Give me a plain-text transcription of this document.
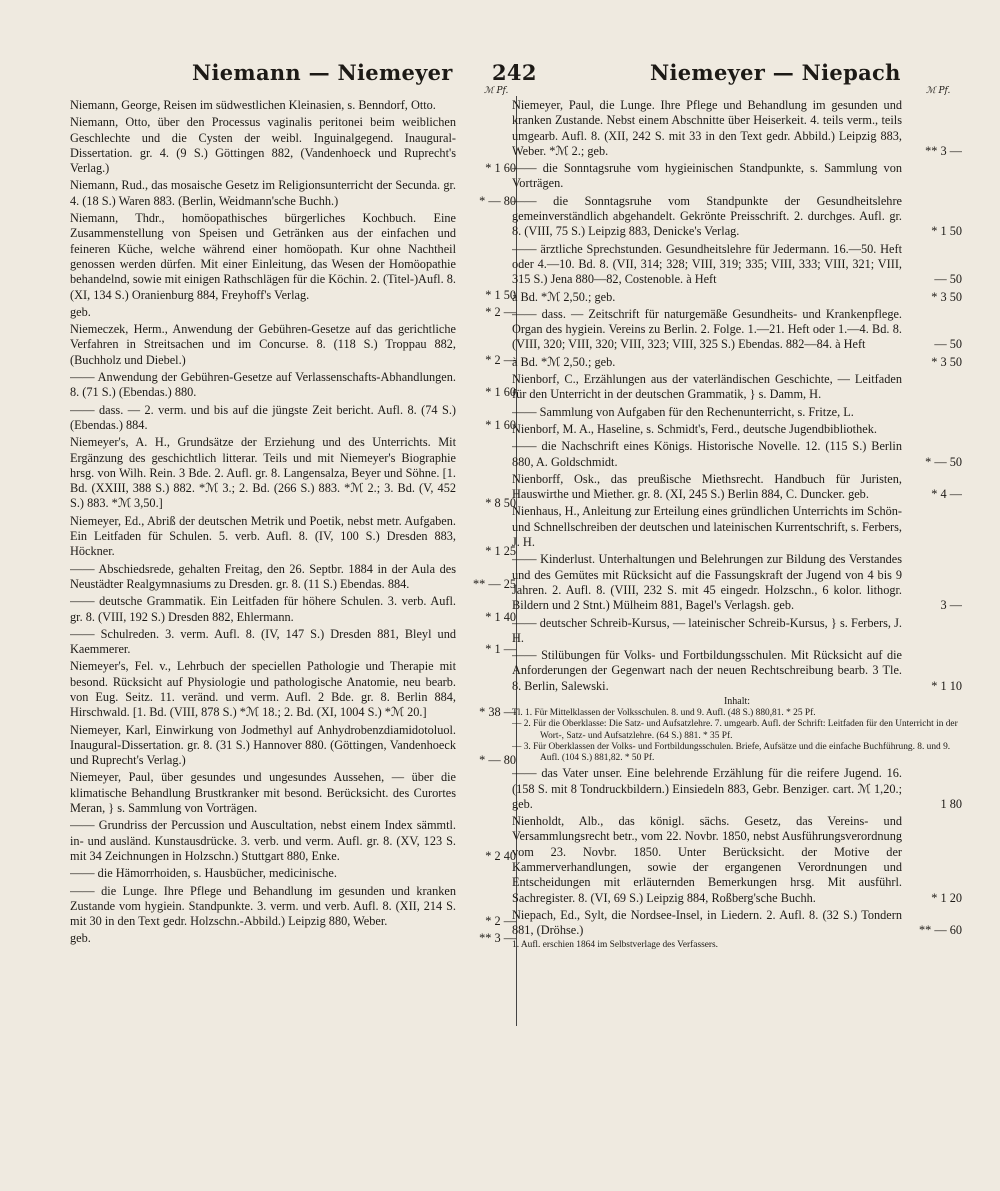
Niemann — Niemeyer 242	Niemeyer — Niepach
ℳ Pf.	ℳ Pf.
Niemann, George, Reisen im südwestlichen Kleinasien, s. Benndorf, Otto.
Niemann, Otto, über den Processus vaginalis peritonei beim weiblichen Geschlechte und die Cysten der weibl. Inguinalgegend. Inaugural-Dissertation. gr. 4. (9 S.) Göttingen 882, (Vandenhoeck und Ruprecht's Verlag.)	* 1 60
Niemann, Rud., das mosaische Gesetz im Religionsunterricht der Secunda. gr. 4. (18 S.) Waren 883. (Berlin, Weidmann'sche Buchh.)	* — 80
Niemann, Thdr., homöopathisches bürgerliches Kochbuch. Eine Zusammenstellung von Speisen und Getränken aus der einfachen und feineren Küche, welche während einer homöopath. Kur ohne Nachtheil genossen werden dürfen. Mit einer Einleitung, das Wesen der Homöopathie behandelnd, sowie mit einigen Rathschlägen für die Köchin. 2. (Titel-)Aufl. 8. (XI, 134 S.) Oranienburg 884, Freyhoff's Verlag.	* 1 50
geb.	* 2 —
Niemeczek, Herm., Anwendung der Gebühren-Gesetze auf das gerichtliche Verfahren in Streitsachen und im Concurse. 8. (118 S.) Troppau 882, (Buchholz und Diebel.)	* 2 —
—— Anwendung der Gebühren-Gesetze auf Verlassenschafts-Abhandlungen. 8. (71 S.) (Ebendas.) 880.	* 1 60
—— dass. — 2. verm. und bis auf die jüngste Zeit bericht. Aufl. 8. (74 S.) (Ebendas.) 884.	* 1 60
Niemeyer's, A. H., Grundsätze der Erziehung und des Unterrichts. Mit Ergänzung des geschichtlich litterar. Teils und mit Niemeyer's Biographie hrsg. von Wilh. Rein. 3 Bde. 2. Aufl. gr. 8. Langensalza, Beyer und Söhne. [1. Bd. (XXIII, 388 S.) 882. *ℳ 3.; 2. Bd. (266 S.) 883. *ℳ 2.; 3. Bd. (V, 452 S.) 883. *ℳ 3,50.]	* 8 50
Niemeyer, Ed., Abriß der deutschen Metrik und Poetik, nebst metr. Aufgaben. Ein Leitfaden für Schulen. 5. verb. Aufl. 8. (IV, 100 S.) Dresden 883, Höckner.	* 1 25
—— Abschiedsrede, gehalten Freitag, den 26. Septbr. 1884 in der Aula des Neustädter Realgymnasiums zu Dresden. gr. 8. (11 S.) Ebendas. 884.	** — 25
—— deutsche Grammatik. Ein Leitfaden für höhere Schulen. 3. verb. Aufl. gr. 8. (VIII, 192 S.) Dresden 882, Ehlermann.	* 1 40
—— Schulreden. 3. verm. Aufl. 8. (IV, 147 S.) Dresden 881, Bleyl und Kaemmerer.	* 1 —
Niemeyer's, Fel. v., Lehrbuch der speciellen Pathologie und Therapie mit besond. Rücksicht auf Physiologie und pathologische Anatomie, neu bearb. von Eug. Seitz. 11. veränd. und verm. Aufl. 2 Bde. gr. 8. Berlin 884, Hirschwald. [1. Bd. (VIII, 878 S.) *ℳ 18.; 2. Bd. (XI, 1004 S.) *ℳ 20.]	* 38 —
Niemeyer, Karl, Einwirkung von Jodmethyl auf Anhydrobenzdiamidotoluol. Inaugural-Dissertation. gr. 8. (31 S.) Hannover 880. (Göttingen, Vandenhoeck und Ruprecht's Verlag.)	* — 80
Niemeyer, Paul, über gesundes und ungesundes Aussehen, — über die klimatische Behandlung Brustkranker mit besond. Berücksicht. des Curortes Meran, } s. Sammlung von Vorträgen.
—— Grundriss der Percussion und Auscultation, nebst einem Index sämmtl. in- und ausländ. Kunstausdrücke. 3. verb. und verm. Aufl. gr. 8. (XV, 123 S. mit 34 Zeichnungen in Holzschn.) Stuttgart 880, Enke.	* 2 40
—— die Hämorrhoiden, s. Hausbücher, medicinische.
—— die Lunge. Ihre Pflege und Behandlung im gesunden und kranken Zustande vom hygiein. Standpunkte. 3. verm. und verb. Aufl. 8. (XII, 214 S. mit 30 in den Text gedr. Holzschn.-Abbild.) Leipzig 880, Weber.	* 2 —
geb.	** 3 —
Niemeyer, Paul, die Lunge. Ihre Pflege und Behandlung im gesunden und kranken Zustande. Nebst einem Abschnitte über Heiserkeit. 4. teils verm., teils umgearb. Aufl. 8. (XII, 242 S. mit 33 in den Text gedr. Abbild.) Leipzig 883, Weber. *ℳ 2.; geb.	** 3 —
—— die Sonntagsruhe vom hygieinischen Standpunkte, s. Sammlung von Vorträgen.
—— die Sonntagsruhe vom Standpunkte der Gesundheitslehre gemeinverständlich abgehandelt. Gekrönte Preisschrift. 2. durchges. Aufl. gr. 8. (VIII, 75 S.) Leipzig 883, Denicke's Verlag.	* 1 50
—— ärztliche Sprechstunden. Gesundheitslehre für Jedermann. 16.—50. Heft oder 4.—10. Bd. 8. (VII, 314; 328; VIII, 319; 335; VIII, 333; VIII, 321; VIII, 315 S.) Jena 880—82, Costenoble. à Heft	— 50
à Bd. *ℳ 2,50.; geb.	* 3 50
—— dass. — Zeitschrift für naturgemäße Gesundheits- und Krankenpflege. Organ des hygiein. Vereins zu Berlin. 2. Folge. 1.—21. Heft oder 1.—4. Bd. 8. (VIII, 320; VIII, 320; VIII, 323; VIII, 325 S.) Ebendas. 882—84. à Heft	— 50
à Bd. *ℳ 2,50.; geb.	* 3 50
Nienborf, C., Erzählungen aus der vaterländischen Geschichte, — Leitfaden für den Unterricht in der deutschen Grammatik, } s. Damm, H.
—— Sammlung von Aufgaben für den Rechenunterricht, s. Fritze, L.
Nienborf, M. A., Haseline, s. Schmidt's, Ferd., deutsche Jugendbibliothek.
—— die Nachschrift eines Königs. Historische Novelle. 12. (115 S.) Berlin 880, A. Goldschmidt.	* — 50
Nienborff, Osk., das preußische Miethsrecht. Handbuch für Juristen, Hauswirthe und Miether. gr. 8. (XI, 245 S.) Berlin 884, C. Duncker. geb.	* 4 —
Nienhaus, H., Anleitung zur Erteilung eines gründlichen Unterrichts im Schön- und Schnellschreiben der deutschen und lateinischen Kurrentschrift, s. Ferbers, J. H.
—— Kinderlust. Unterhaltungen und Belehrungen zur Bildung des Verstandes und des Gemütes mit Rücksicht auf die Fassungskraft der Jugend von 4 bis 9 Jahren. 2. Aufl. 8. (VIII, 232 S. mit 45 eingedr. Holzschn., 6 kolor. lithogr. Bildern und 2 Stnt.) Mülheim 881, Bagel's Verlagsh. geb.	3 —
—— deutscher Schreib-Kursus, — lateinischer Schreib-Kursus, } s. Ferbers, J. H.
—— Stilübungen für Volks- und Fortbildungsschulen. Mit Rücksicht auf die Anforderungen der Gegenwart nach der neuen Rechtschreibung bearb. 3 Tle. 8. Berlin, Salewski.	* 1 10
Inhalt:
Tl. 1. Für Mittelklassen der Volksschulen. 8. und 9. Aufl. (48 S.) 880,81. * 25 Pf.
— 2. Für die Oberklasse: Die Satz- und Aufsatzlehre. 7. umgearb. Aufl. der Schrift: Leitfaden für den Unterricht in der Wort-, Satz- und Aufsatzlehre. (64 S.) 881. * 35 Pf.
— 3. Für Oberklassen der Volks- und Fortbildungsschulen. Briefe, Aufsätze und die einfache Buchführung. 8. und 9. Aufl. (104 S.) 881,82. * 50 Pf.
—— das Vater unser. Eine belehrende Erzählung für die reifere Jugend. 16. (158 S. mit 8 Tondruckbildern.) Einsiedeln 883, Gebr. Benziger. cart. ℳ 1,20.; geb.	1 80
Nienholdt, Alb., das königl. sächs. Gesetz, das Vereins- und Versammlungsrecht betr., vom 22. Novbr. 1850, nebst Ausführungsverordnung vom 23. Novbr. 1850. Unter Berücksicht. der Motive der Kammerverhandlungen, sowie der ergangenen Verordnungen und Entscheidungen mit erläuternden Bemerkungen hrsg. Mit ausführl. Sachregister. 8. (VI, 69 S.) Leipzig 884, Roßberg'sche Buchh.	* 1 20
Niepach, Ed., Sylt, die Nordsee-Insel, in Liedern. 2. Aufl. 8. (32 S.) Tondern 881, (Dröhse.)	** — 60
1. Aufl. erschien 1864 im Selbstverlage des Verfassers.
